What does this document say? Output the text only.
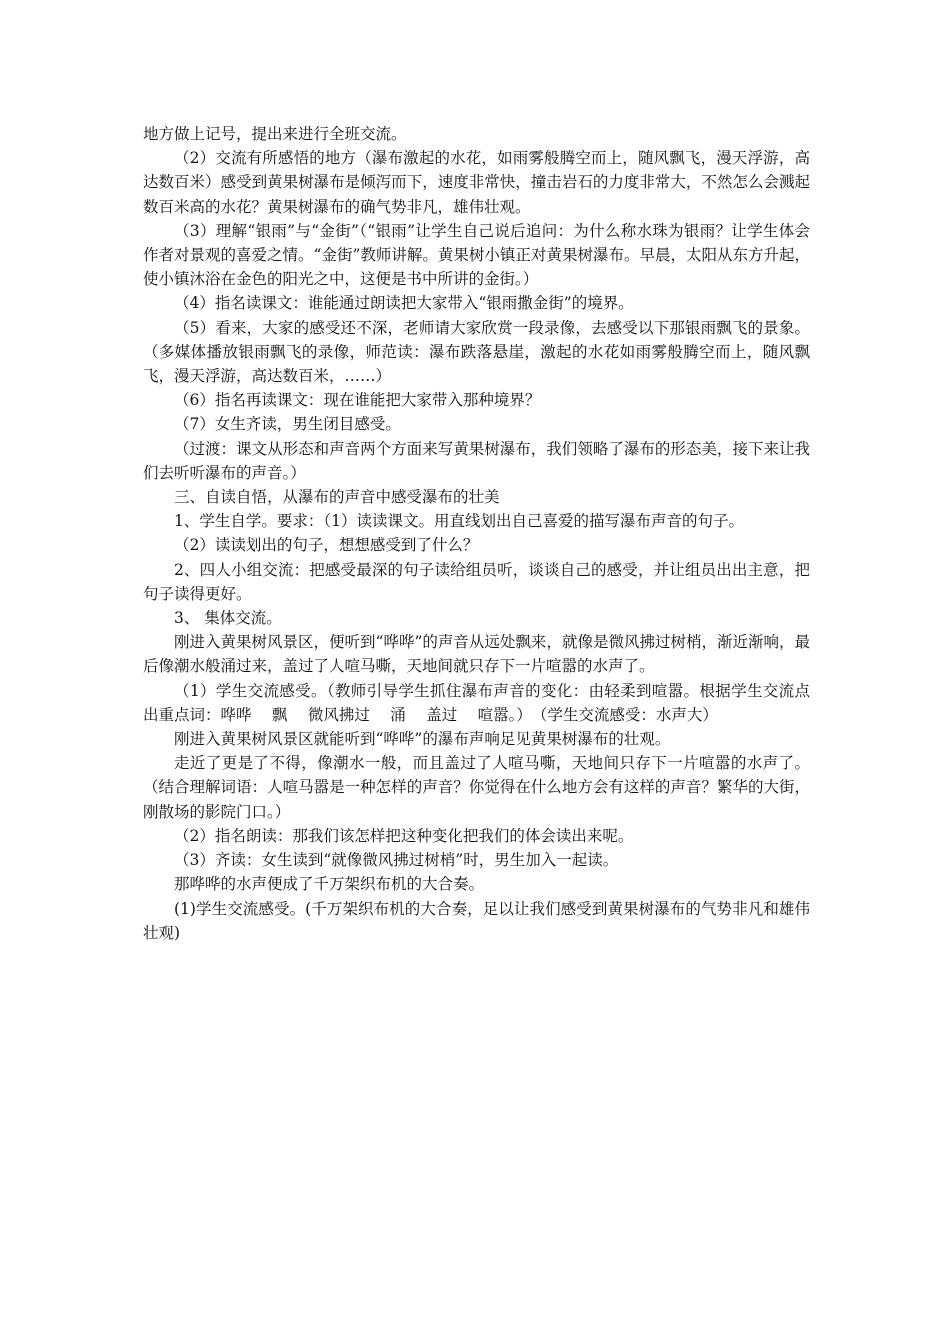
地方做上记号，提出来进行全班交流。

（2）交流有所感悟的地方（瀑布激起的水花，如雨雾般腾空而上，随风飘飞，漫天浮游，高达数百米）感受到黄果树瀑布是倾泻而下，速度非常快，撞击岩石的力度非常大，不然怎么会溅起数百米高的水花？黄果树瀑布的确气势非凡，雄伟壮观。

（3）理解“银雨”与“金街”（“银雨”让学生自己说后追问：为什么称水珠为银雨？让学生体会作者对景观的喜爱之情。“金街”教师讲解。黄果树小镇正对黄果树瀑布。早晨，太阳从东方升起，使小镇沐浴在金色的阳光之中，这便是书中所讲的金街。）

（4）指名读课文：谁能通过朗读把大家带入“银雨撒金街”的境界。

（5）看来，大家的感受还不深，老师请大家欣赏一段录像，去感受以下那银雨飘飞的景象。（多媒体播放银雨飘飞的录像，师范读：瀑布跌落悬崖，激起的水花如雨雾般腾空而上，随风飘飞，漫天浮游，高达数百米，……）

（6）指名再读课文：现在谁能把大家带入那种境界？

（7）女生齐读，男生闭目感受。

（过渡：课文从形态和声音两个方面来写黄果树瀑布，我们领略了瀑布的形态美，接下来让我们去听听瀑布的声音。）

三、自读自悟，从瀑布的声音中感受瀑布的壮美

1、学生自学。要求：（1）读读课文。用直线划出自己喜爱的描写瀑布声音的句子。

（2）读读划出的句子，想想感受到了什么？

2、四人小组交流：把感受最深的句子读给组员听，谈谈自己的感受，并让组员出出主意，把句子读得更好。

3、 集体交流。

刚进入黄果树风景区，便听到“哗哗”的声音从远处飘来，就像是微风拂过树梢，渐近渐响，最后像潮水般涌过来，盖过了人喧马嘶，天地间就只存下一片喧嚣的水声了。

（1）学生交流感受。（教师引导学生抓住瀑布声音的变化：由轻柔到喧嚣。根据学生交流点出重点词：哗哗　 飘　 微风拂过　 涌　 盖过　 喧嚣。）　（学生交流感受：水声大）

刚进入黄果树风景区就能听到“哗哗”的瀑布声响足见黄果树瀑布的壮观。

走近了更是了不得，像潮水一般，而且盖过了人喧马嘶，天地间只存下一片喧嚣的水声了。（结合理解词语：人喧马嚣是一种怎样的声音？你觉得在什么地方会有这样的声音？繁华的大街，刚散场的影院门口。）

（2）指名朗读：那我们该怎样把这种变化把我们的体会读出来呢。

（3）齐读：女生读到“就像微风拂过树梢”时，男生加入一起读。

那哗哗的水声便成了千万架织布机的大合奏。

(1)学生交流感受。(千万架织布机的大合奏，足以让我们感受到黄果树瀑布的气势非凡和雄伟壮观)
